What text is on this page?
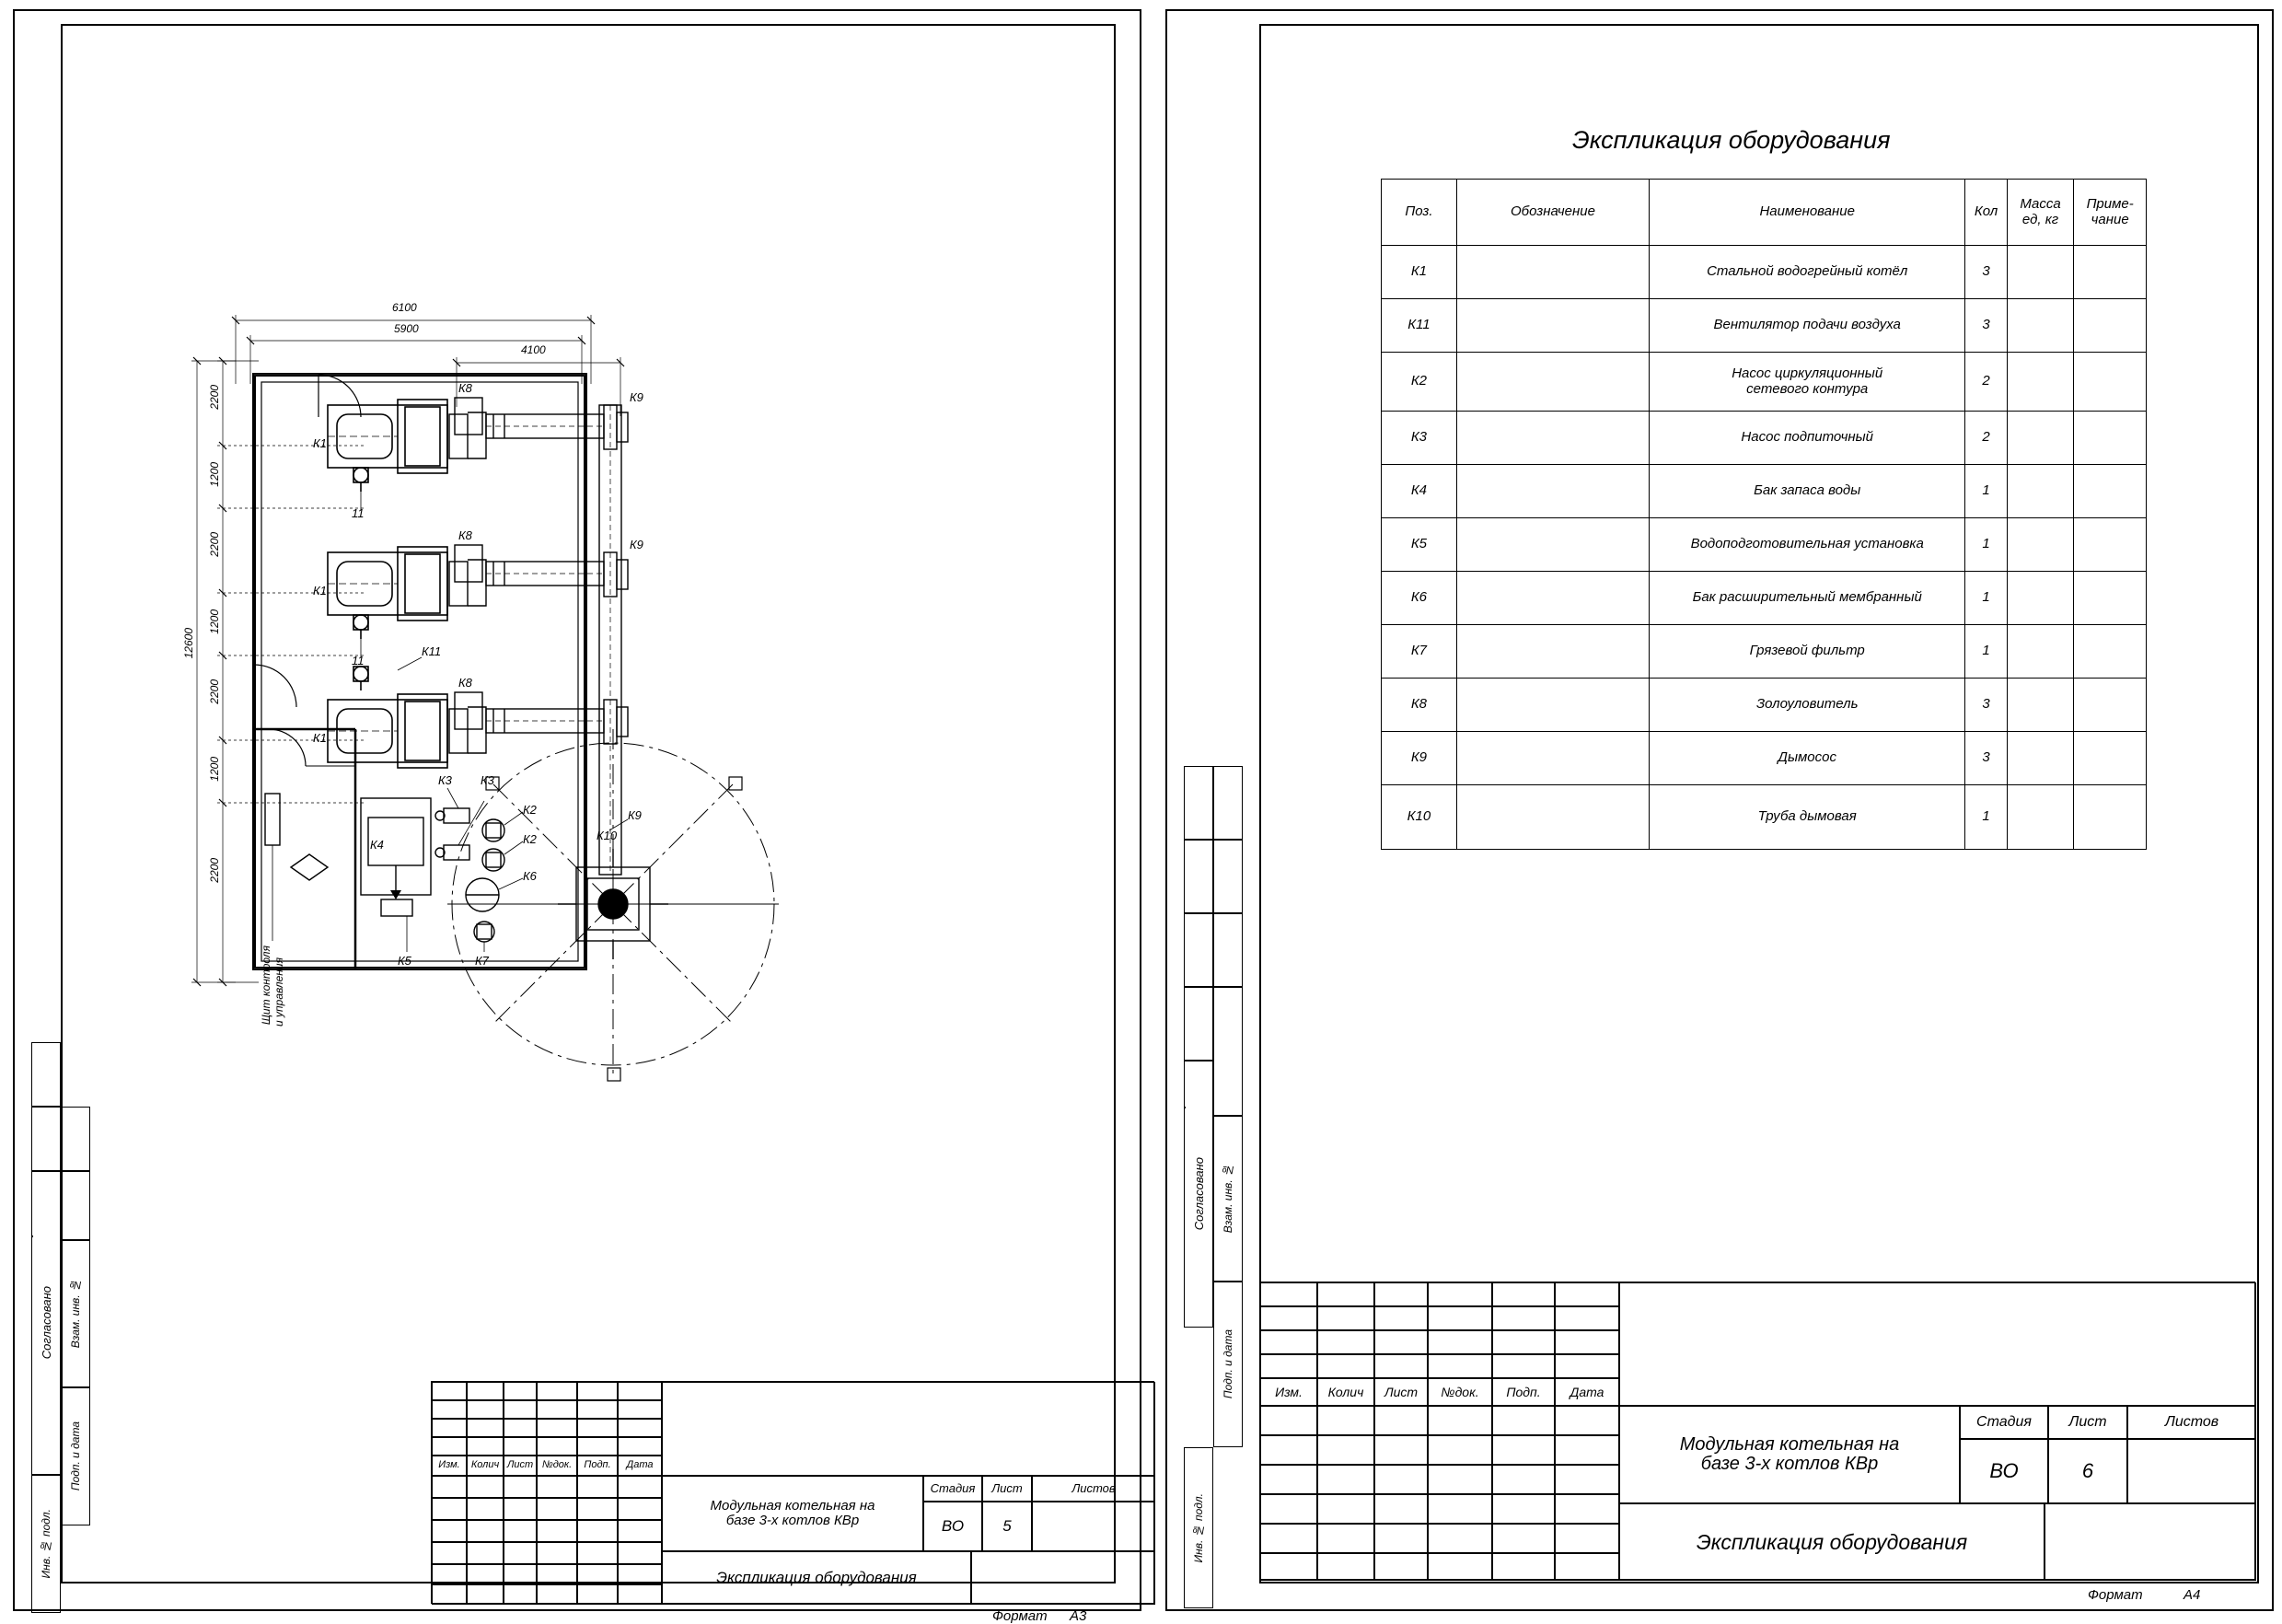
Согласовано Взам. инв. №
Подп. и дата
Инв. № подл.
6100
5900
4100
12600
2200
1200
2200
1200
2200
1200
2200
К1
11
К1
11
К11
К1
К8
К8
К8
К9
К9
К9
К10
К3 К3
К2
К2
К6
К4
К5	К7
Щит контроля и управления
Изм.	Колич Лист №док.	Подп.	Дата
Модульная котельная на
базе 3-х котлов КВр
Стадия	Лист	Листов
ВО	5
Экспликация оборудования
Формат А3
Согласовано Взам. инв. №
Подп. и дата
Инв. № подл.
Экспликация оборудования
Поз.	Обозначение	Наименование	Кол	Масса
ед, кг

Приме-
чание

К1		Стальной водогрейный котёл	3		
К11		Вентилятор подачи воздуха	3		
К2		Насос циркуляционный
сетевого контура	2		
К3		Насос подпиточный	2		
К4		Бак запаса воды	1		
К5		Водоподготовительная установка	1		
К6		Бак расширительный мембранный	1		
К7		Грязевой фильтр	1		
К8		Золоуловитель	3		
К9		Дымосос	3		
К10		Труба дымовая	1		
Изм.	Колич	Лист	№док.	Подп.	Дата
Модульная котельная на
базе 3-х котлов КВр
Стадия	Лист	Листов
ВО	6
Экспликация оборудования
Формат	А4
